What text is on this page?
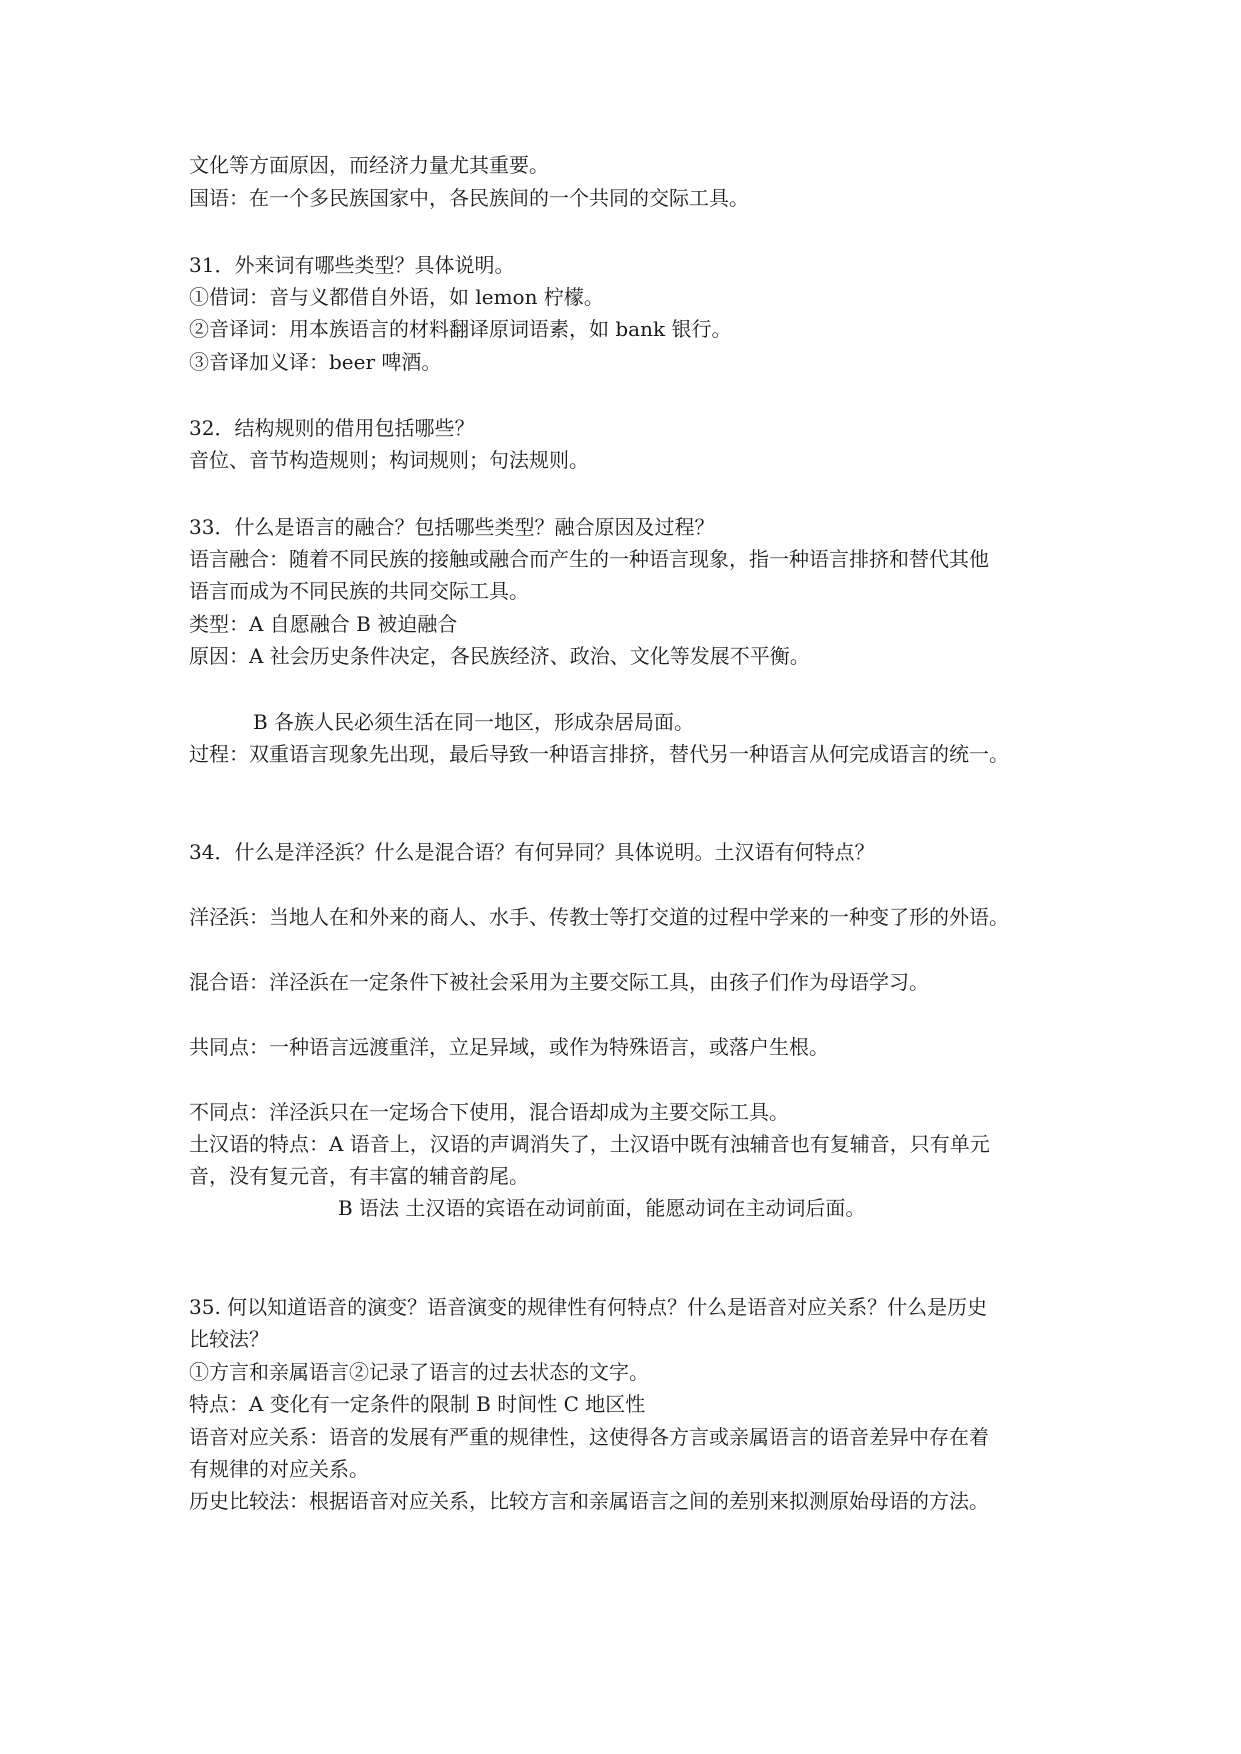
文化等方面原因，而经济力量尤其重要。
国语：在一个多民族国家中，各民族间的一个共同的交际工具。
31．外来词有哪些类型？具体说明。
①借词：音与义都借自外语，如 lemon 柠檬。
②音译词：用本族语言的材料翻译原词语素，如 bank 银行。
③音译加义译：beer 啤酒。
32．结构规则的借用包括哪些？
音位、音节构造规则；构词规则；句法规则。
33．什么是语言的融合？包括哪些类型？融合原因及过程？
语言融合：随着不同民族的接触或融合而产生的一种语言现象，指一种语言排挤和替代其他
语言而成为不同民族的共同交际工具。
类型：A 自愿融合 B 被迫融合
原因：A 社会历史条件决定，各民族经济、政治、文化等发展不平衡。
B 各族人民必须生活在同一地区，形成杂居局面。
过程：双重语言现象先出现，最后导致一种语言排挤，替代另一种语言从何完成语言的统一。
34．什么是洋泾浜？什么是混合语？有何异同？具体说明。土汉语有何特点？
洋泾浜：当地人在和外来的商人、水手、传教士等打交道的过程中学来的一种变了形的外语。
混合语：洋泾浜在一定条件下被社会采用为主要交际工具，由孩子们作为母语学习。
共同点：一种语言远渡重洋，立足异域，或作为特殊语言，或落户生根。
不同点：洋泾浜只在一定场合下使用，混合语却成为主要交际工具。
土汉语的特点：A 语音上，汉语的声调消失了，土汉语中既有浊辅音也有复辅音，只有单元
音，没有复元音，有丰富的辅音韵尾。
B 语法 土汉语的宾语在动词前面，能愿动词在主动词后面。
35. 何以知道语音的演变？语音演变的规律性有何特点？什么是语音对应关系？什么是历史
比较法？
①方言和亲属语言②记录了语言的过去状态的文字。
特点：A 变化有一定条件的限制 B 时间性 C 地区性
语音对应关系：语音的发展有严重的规律性，这使得各方言或亲属语言的语音差异中存在着
有规律的对应关系。
历史比较法：根据语音对应关系，比较方言和亲属语言之间的差别来拟测原始母语的方法。
